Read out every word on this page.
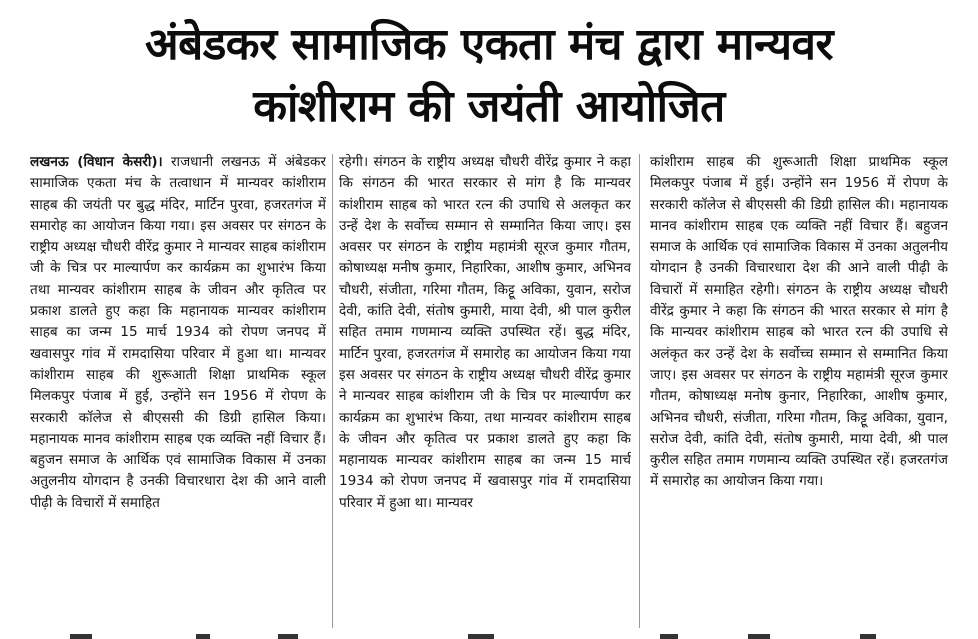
अंबेडकर सामाजिक एकता मंच द्वारा मान्यवर
कांशीराम की जयंती आयोजित

लखनऊ (विधान केसरी)। राजधानी लखनऊ में अंबेडकर सामाजिक एकता मंच के तत्वाधान में मान्यवर कांशीराम साहब की जयंती पर बुद्ध मंदिर, मार्टिन पुरवा, हजरतगंज में समारोह का आयोजन किया गया। इस अवसर पर संगठन के राष्ट्रीय अध्यक्ष चौधरी वीरेंद्र कुमार ने मान्यवर साहब कांशीराम जी के चित्र पर माल्यार्पण कर कार्यक्रम का शुभारंभ किया तथा मान्यवर कांशीराम साहब के जीवन और कृतित्व पर प्रकाश डालते हुए कहा कि महानायक मान्यवर कांशीराम साहब का जन्म 15 मार्च 1934 को रोपण जनपद में खवासपुर गांव में रामदासिया परिवार में हुआ था। मान्यवर कांशीराम साहब की शुरूआती शिक्षा प्राथमिक स्कूल मिलकपुर पंजाब में हुई, उन्होंने सन 1956 में रोपण के सरकारी कॉलेज से बीएससी की डिग्री हासिल किया। महानायक मानव कांशीराम साहब एक व्यक्ति नहीं विचार हैं। बहुजन समाज के आर्थिक एवं सामाजिक विकास में उनका अतुलनीय योगदान है उनकी विचारधारा देश की आने वाली पीढ़ी के विचारों में समाहित

रहेगी। संगठन के राष्ट्रीय अध्यक्ष चौधरी वीरेंद्र कुमार ने कहा कि संगठन की भारत सरकार से मांग है कि मान्यवर कांशीराम साहब को भारत रत्न की उपाधि से अलकृत कर उन्हें देश के सर्वोच्च सम्मान से सम्मानित किया जाए। इस अवसर पर संगठन के राष्ट्रीय महामंत्री सूरज कुमार गौतम, कोषाध्यक्ष मनीष कुमार, निहारिका, आशीष कुमार, अभिनव चौधरी, संजीता, गरिमा गौतम, किट्टू अविका, युवान, सरोज देवी, कांति देवी, संतोष कुमारी, माया देवी, श्री पाल कुरील सहित तमाम गणमान्य व्यक्ति उपस्थित रहें। बुद्ध मंदिर, मार्टिन पुरवा, हजरतगंज में समारोह का आयोजन किया गया इस अवसर पर संगठन के राष्ट्रीय अध्यक्ष चौधरी वीरेंद्र कुमार ने मान्यवर साहब कांशीराम जी के चित्र पर माल्यार्पण कर कार्यक्रम का शुभारंभ किया, तथा मान्यवर कांशीराम साहब के जीवन और कृतित्व पर प्रकाश डालते हुए कहा कि महानायक मान्यवर कांशीराम साहब का जन्म 15 मार्च 1934 को रोपण जनपद में खवासपुर गांव में रामदासिया परिवार में हुआ था। मान्यवर

कांशीराम साहब की शुरूआती शिक्षा प्राथमिक स्कूल मिलकपुर पंजाब में हुई। उन्होंने सन 1956 में रोपण के सरकारी कॉलेज से बीएससी की डिग्री हासिल की। महानायक मानव कांशीराम साहब एक व्यक्ति नहीं विचार हैं। बहुजन समाज के आर्थिक एवं सामाजिक विकास में उनका अतुलनीय योगदान है उनकी विचारधारा देश की आने वाली पीढ़ी के विचारों में समाहित रहेगी। संगठन के राष्ट्रीय अध्यक्ष चौधरी वीरेंद्र कुमार ने कहा कि संगठन की भारत सरकार से मांग है कि मान्यवर कांशीराम साहब को भारत रत्न की उपाधि से अलंकृत कर उन्हें देश के सर्वोच्च सम्मान से सम्मानित किया जाए। इस अवसर पर संगठन के राष्ट्रीय महामंत्री सूरज कुमार गौतम, कोषाध्यक्ष मनोष कुनार, निहारिका, आशीष कुमार, अभिनव चौधरी, संजीता, गरिमा गौतम, किट्टू अविका, युवान, सरोज देवी, कांति देवी, संतोष कुमारी, माया देवी, श्री पाल कुरील सहित तमाम गणमान्य व्यक्ति उपस्थित रहें। हजरतगंज में समारोह का आयोजन किया गया।
